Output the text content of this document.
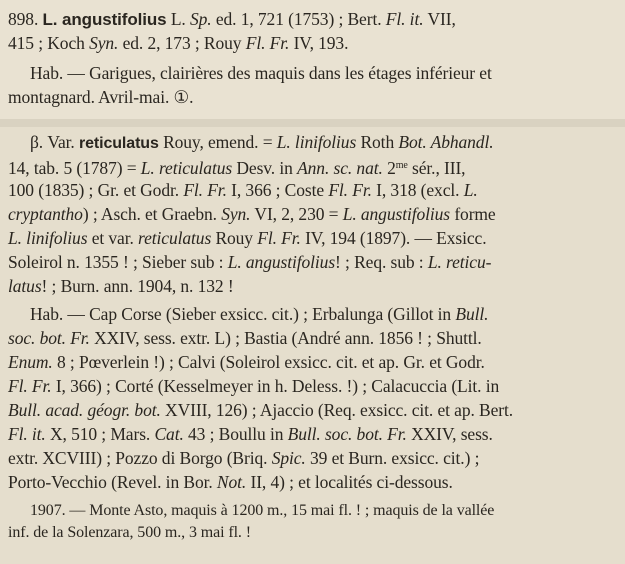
898. L. angustifolius L. Sp. ed. 1, 721 (1753) ; Bert. Fl. it. VII,
415 ; Koch Syn. ed. 2, 173 ; Rouy Fl. Fr. IV, 193.
Hab. — Garigues, clairières des maquis dans les étages inférieur et
montagnard. Avril-mai. ①.
β. Var. reticulatus Rouy, emend. = L. linifolius Roth Bot. Abhandl.
14, tab. 5 (1787) = L. reticulatus Desv. in Ann. sc. nat. $2^{me}$ sér., III,
100 (1835) ; Gr. et Godr. Fl. Fr. I, 366 ; Coste Fl. Fr. I, 318 (excl. L.
cryptantho) ; Asch. et Graebn. Syn. VI, 2, 230 = L. angustifolius forme
L. linifolius et var. reticulatus Rouy Fl. Fr. IV, 194 (1897). — Exsicc.
Soleirol n. 1355 ! ; Sieber sub : L. angustifolius! ; Req. sub : L. reticu-
latus! ; Burn. ann. 1904, n. 132 !
Hab. — Cap Corse (Sieber exsicc. cit.) ; Erbalunga (Gillot in Bull.
soc. bot. Fr. XXIV, sess. extr. L) ; Bastia (André ann. 1856 ! ; Shuttl.
Enum. 8 ; Pœverlein !) ; Calvi (Soleirol exsicc. cit. et ap. Gr. et Godr.
Fl. Fr. I, 366) ; Corté (Kesselmeyer in h. Deless. !) ; Calacuccia (Lit. in
Bull. acad. géogr. bot. XVIII, 126) ; Ajaccio (Req. exsicc. cit. et ap. Bert.
Fl. it. X, 510 ; Mars. Cat. 43 ; Boullu in Bull. soc. bot. Fr. XXIV, sess.
extr. XCVIII) ; Pozzo di Borgo (Briq. Spic. 39 et Burn. exsicc. cit.) ;
Porto-Vecchio (Revel. in Bor. Not. II, 4) ; et localités ci-dessous.
1907. — Monte Asto, maquis à 1200 m., 15 mai fl. ! ; maquis de la vallée
inf. de la Solenzara, 500 m., 3 mai fl. !
